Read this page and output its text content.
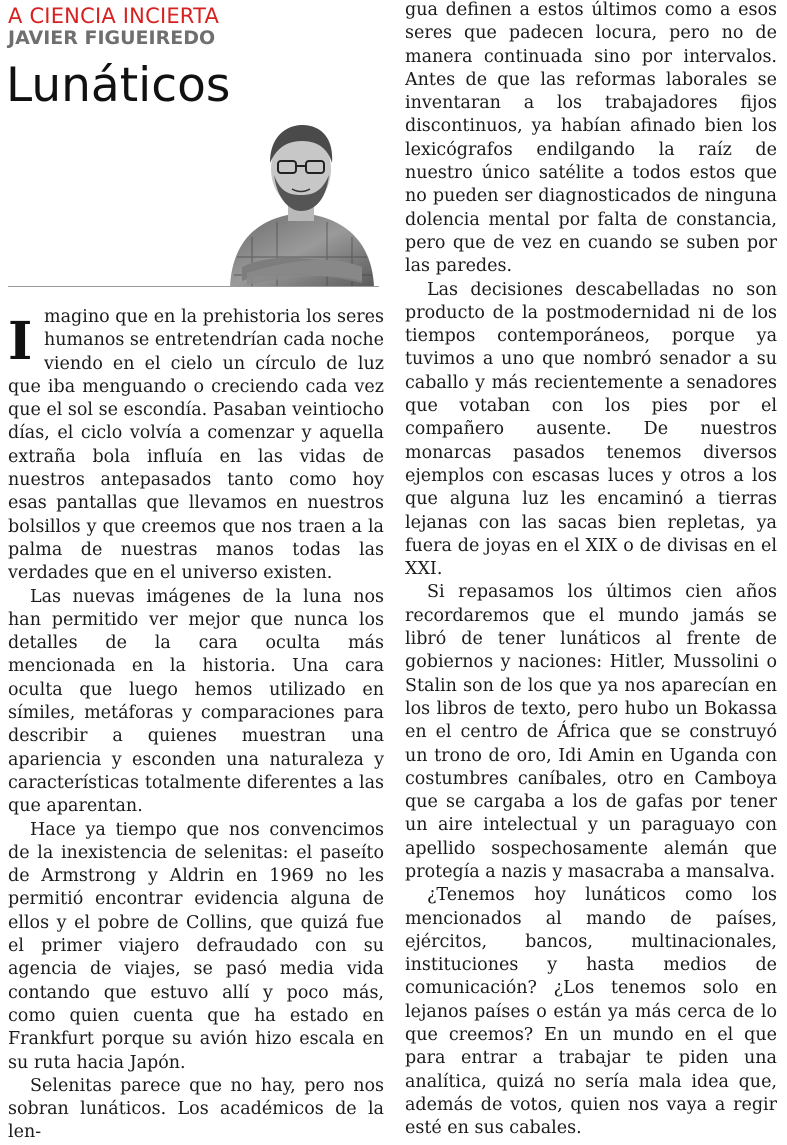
A CIENCIA INCIERTA

JAVIER FIGUEIREDO

Lunáticos

Imagino que en la prehistoria los seres humanos se entretendrían cada noche viendo en el cielo un círculo de luz que iba menguando o creciendo cada vez que el sol se escondía. Pasaban veintiocho días, el ciclo volvía a comenzar y aquella extraña bola influía en las vidas de nuestros antepasados tanto como hoy esas pantallas que llevamos en nuestros bolsillos y que creemos que nos traen a la palma de nuestras manos todas las verdades que en el universo existen.

Las nuevas imágenes de la luna nos han permitido ver mejor que nunca los detalles de la cara oculta más mencionada en la historia. Una cara oculta que luego hemos utilizado en símiles, metáforas y comparaciones para describir a quienes muestran una apariencia y esconden una naturaleza y características totalmente diferentes a las que aparentan.

Hace ya tiempo que nos convencimos de la inexistencia de selenitas: el paseíto de Armstrong y Aldrin en 1969 no les permitió encontrar evidencia alguna de ellos y el pobre de Collins, que quizá fue el primer viajero defraudado con su agencia de viajes, se pasó media vida contando que estuvo allí y poco más, como quien cuenta que ha estado en Frankfurt porque su avión hizo escala en su ruta hacia Japón.

Selenitas parece que no hay, pero nos sobran lunáticos. Los académicos de la len-

gua definen a estos últimos como a esos seres que padecen locura, pero no de manera continuada sino por intervalos. Antes de que las reformas laborales se inventaran a los trabajadores fijos discontinuos, ya habían afinado bien los lexicógrafos endilgando la raíz de nuestro único satélite a todos estos que no pueden ser diagnosticados de ninguna dolencia mental por falta de constancia, pero que de vez en cuando se suben por las paredes.

Las decisiones descabelladas no son producto de la postmodernidad ni de los tiempos contemporáneos, porque ya tuvimos a uno que nombró senador a su caballo y más recientemente a senadores que votaban con los pies por el compañero ausente. De nuestros monarcas pasados tenemos diversos ejemplos con escasas luces y otros a los que alguna luz les encaminó a tierras lejanas con las sacas bien repletas, ya fuera de joyas en el XIX o de divisas en el XXI.

Si repasamos los últimos cien años recordaremos que el mundo jamás se libró de tener lunáticos al frente de gobiernos y naciones: Hitler, Mussolini o Stalin son de los que ya nos aparecían en los libros de texto, pero hubo un Bokassa en el centro de África que se construyó un trono de oro, Idi Amin en Uganda con costumbres caníbales, otro en Camboya que se cargaba a los de gafas por tener un aire intelectual y un paraguayo con apellido sospechosamente alemán que protegía a nazis y masacraba a mansalva.

¿Tenemos hoy lunáticos como los mencionados al mando de países, ejércitos, bancos, multinacionales, instituciones y hasta medios de comunicación? ¿Los tenemos solo en lejanos países o están ya más cerca de lo que creemos? En un mundo en el que para entrar a trabajar te piden una analítica, quizá no sería mala idea que, además de votos, quien nos vaya a regir esté en sus cabales.
